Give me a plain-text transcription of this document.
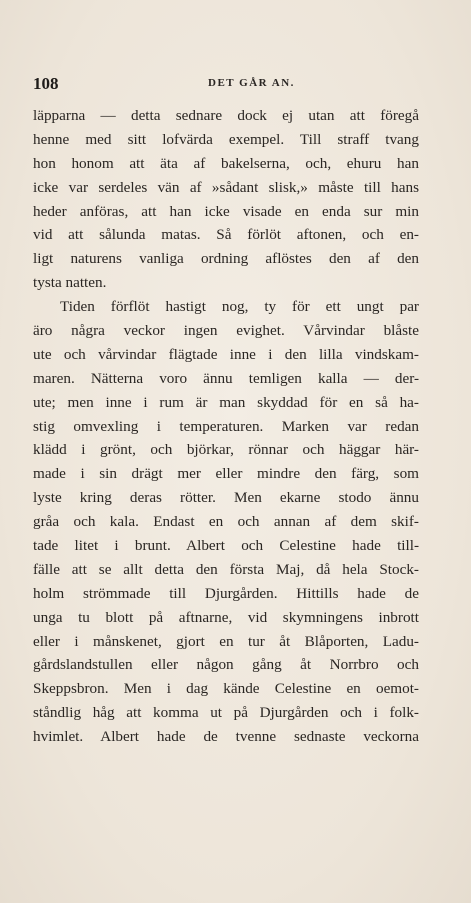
108	DET GÅR AN.
läpparna — detta sednare dock ej utan att föregå
henne med sitt lofvärda exempel. Till straff tvang
hon honom att äta af bakelserna, och, ehuru han
icke var serdeles vän af »sådant slisk,» måste till hans
heder anföras, att han icke visade en enda sur min
vid att sålunda matas. Så förlöt aftonen, och en-
ligt naturens vanliga ordning aflöstes den af den
tysta natten.
Tiden förflöt hastigt nog, ty för ett ungt par
äro några veckor ingen evighet. Vårvindar blåste
ute och vårvindar flägtade inne i den lilla vindskam-
maren. Nätterna voro ännu temligen kalla — der-
ute; men inne i rum är man skyddad för en så ha-
stig omvexling i temperaturen. Marken var redan
klädd i grönt, och björkar, rönnar och häggar här-
made i sin drägt mer eller mindre den färg, som
lyste kring deras rötter. Men ekarne stodo ännu
gråa och kala. Endast en och annan af dem skif-
tade litet i brunt. Albert och Celestine hade till-
fälle att se allt detta den första Maj, då hela Stock-
holm strömmade till Djurgården. Hittills hade de
unga tu blott på aftnarne, vid skymningens inbrott
eller i månskenet, gjort en tur åt Blåporten, Ladu-
gårdslandstullen eller någon gång åt Norrbro och
Skeppsbron. Men i dag kände Celestine en oemot-
ståndlig håg att komma ut på Djurgården och i folk-
hvimlet. Albert hade de tvenne sednaste veckorna
